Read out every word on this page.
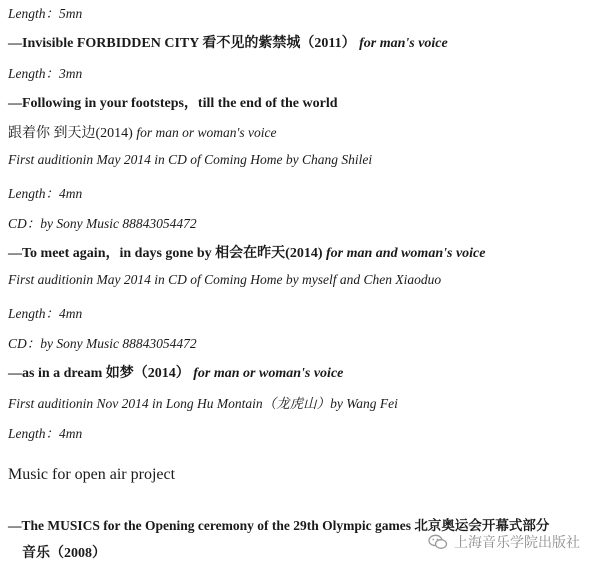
Length：5mn
—Invisible FORBIDDEN CITY 看不见的紫禁城（2011） for man's voice
Length：3mn
—Following in your footsteps，till the end of the world
跟着你 到天边(2014) for man or woman's voice
First auditionin May 2014 in CD of Coming Home by Chang Shilei
Length：4mn
CD：by Sony Music 88843054472
—To meet again，in days gone by 相会在昨天(2014) for man and woman's voice
First auditionin May 2014 in CD of Coming Home by myself and Chen Xiaoduo
Length：4mn
CD：by Sony Music 88843054472
—as in a dream 如梦（2014） for man or woman's voice
First auditionin Nov 2014 in Long Hu Montain（龙虎山）by Wang Fei
Length：4mn
Music for open air project
—The MUSICS for the Opening ceremony of the 29th Olympic games 北京奥运会开幕式部分
音乐（2008）
上海音乐学院出版社
